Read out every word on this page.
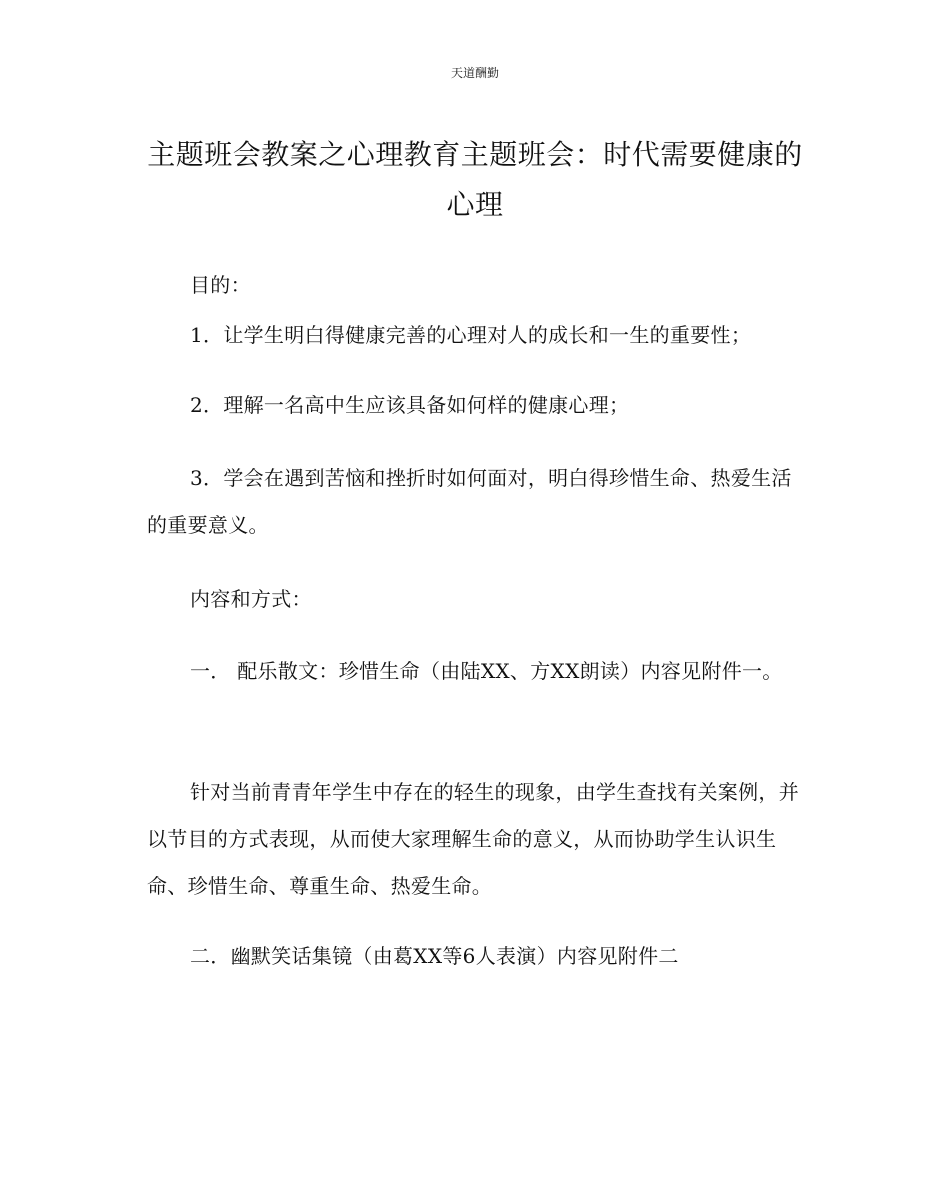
天道酬勤
主题班会教案之心理教育主题班会：时代需要健康的
心理
目的：
1．让学生明白得健康完善的心理对人的成长和一生的重要性；
2．理解一名高中生应该具备如何样的健康心理；
3．学会在遇到苦恼和挫折时如何面对，明白得珍惜生命、热爱生活的重要意义。
内容和方式：
一． 配乐散文：珍惜生命（由陆XX、方XX朗读）内容见附件一。
针对当前青青年学生中存在的轻生的现象，由学生查找有关案例，并以节目的方式表现，从而使大家理解生命的意义，从而协助学生认识生命、珍惜生命、尊重生命、热爱生命。
二．幽默笑话集镜（由葛XX等6人表演）内容见附件二
